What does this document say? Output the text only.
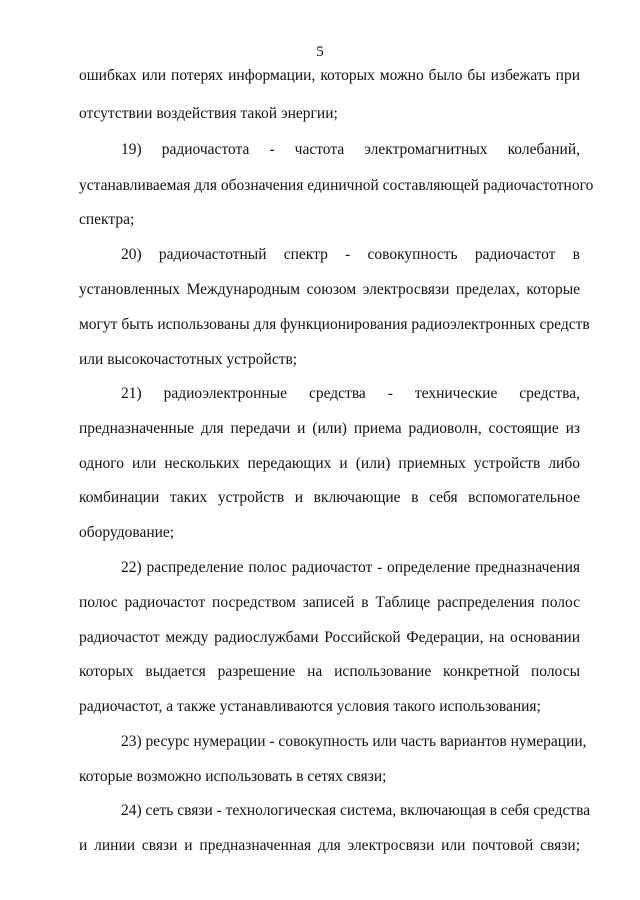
5
ошибках или потерях информации, которых можно было бы избежать при
отсутствии воздействия такой энергии;
19) радиочастота - частота электромагнитных колебаний,
устанавливаемая для обозначения единичной составляющей радиочастотного
спектра;
20) радиочастотный спектр - совокупность радиочастот в
установленных Международным союзом электросвязи пределах, которые
могут быть использованы для функционирования радиоэлектронных средств
или высокочастотных устройств;
21) радиоэлектронные средства - технические средства,
предназначенные для передачи и (или) приема радиоволн, состоящие из
одного или нескольких передающих и (или) приемных устройств либо
комбинации таких устройств и включающие в себя вспомогательное
оборудование;
22) распределение полос радиочастот - определение предназначения
полос радиочастот посредством записей в Таблице распределения полос
радиочастот между радиослужбами Российской Федерации, на основании
которых выдается разрешение на использование конкретной полосы
радиочастот, а также устанавливаются условия такого использования;
23) ресурс нумерации - совокупность или часть вариантов нумерации,
которые возможно использовать в сетях связи;
24) сеть связи - технологическая система, включающая в себя средства
и линии связи и предназначенная для электросвязи или почтовой связи;
